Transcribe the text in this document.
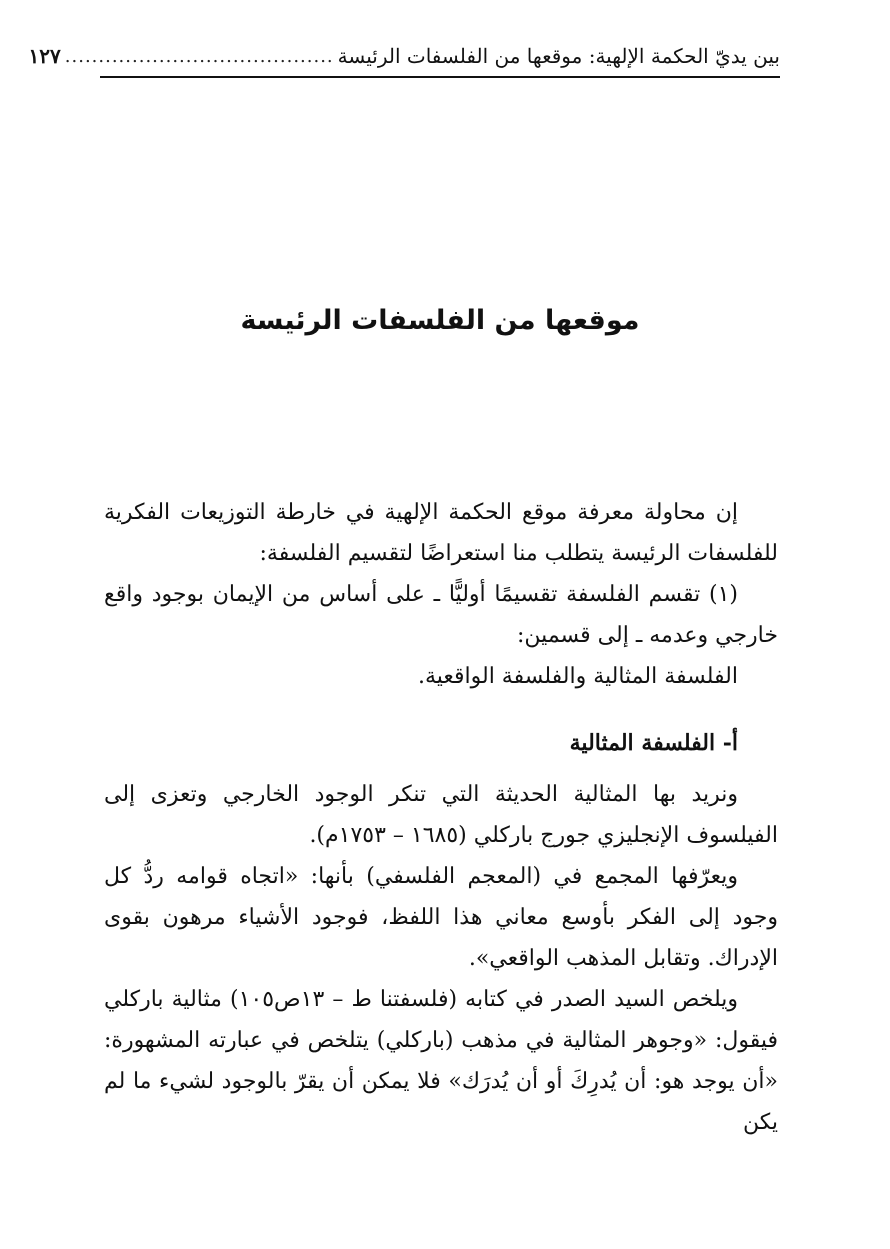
بين يديّ الحكمة الإلهية: موقعها من الفلسفات الرئيسة
........................................
١٢٧
موقعها من الفلسفات الرئيسة

إن محاولة معرفة موقع الحكمة الإلهية في خارطة التوزيعات الفكرية للفلسفات الرئيسة يتطلب منا استعراضًا لتقسيم الفلسفة:

(١) تقسم الفلسفة تقسيمًا أوليًّا ـ على أساس من الإيمان بوجود واقع خارجي وعدمه ـ إلى قسمين:

الفلسفة المثالية والفلسفة الواقعية.

أ- الفلسفة المثالية

ونريد بها المثالية الحديثة التي تنكر الوجود الخارجي وتعزى إلى الفيلسوف الإنجليزي جورج باركلي (١٦٨٥ – ١٧٥٣م).

ويعرّفها المجمع في (المعجم الفلسفي) بأنها: «اتجاه قوامه ردُّ كل وجود إلى الفكر بأوسع معاني هذا اللفظ، فوجود الأشياء مرهون بقوى الإدراك. وتقابل المذهب الواقعي».

ويلخص السيد الصدر في كتابه (فلسفتنا ط – ١٣ص١٠٥) مثالية باركلي فيقول: «وجوهر المثالية في مذهب (باركلي) يتلخص في عبارته المشهورة: «أن يوجد هو: أن يُدرِكَ أو أن يُدرَك» فلا يمكن أن يقرّ بالوجود لشيء ما لم يكن
